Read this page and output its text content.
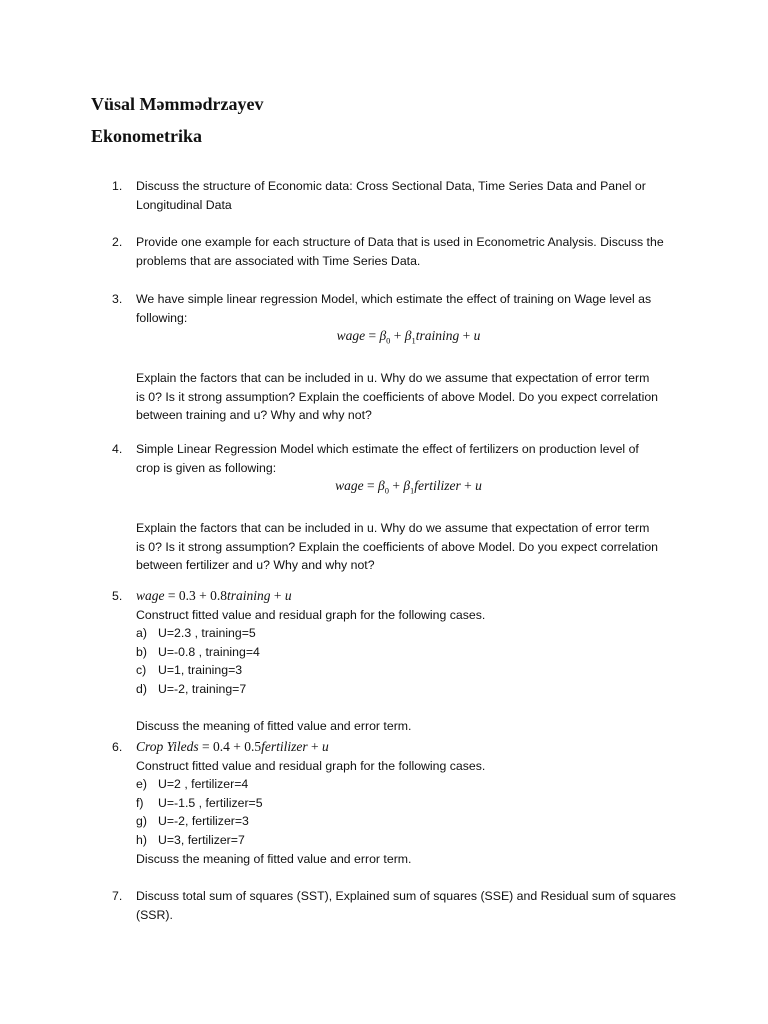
Vüsal Məmmədrzayev
Ekonometrika
1. Discuss the structure of Economic data: Cross Sectional Data, Time Series Data and Panel or
Longitudinal Data
2. Provide one example for each structure of Data that is used in Econometric Analysis. Discuss the
problems that are associated with Time Series Data.
3. We have simple linear regression Model, which estimate the effect of training on Wage level as
following:
wage = $\beta_0$ + $\beta_1training + u$
Explain the factors that can be included in u. Why do we assume that expectation of error term
is 0? Is it strong assumption? Explain the coefficients of above Model. Do you expect correlation
between training and u? Why and why not?
4. Simple Linear Regression Model which estimate the effect of fertilizers on production level of
crop is given as following:
wage = $\beta_0$ + $\beta_1fertilizer + u$
Explain the factors that can be included in u. Why do we assume that expectation of error term
is 0? Is it strong assumption? Explain the coefficients of above Model. Do you expect correlation
between fertilizer and u? Why and why not?
5. wage = 0.3 + 0.8training + u
Construct fitted value and residual graph for the following cases.
a) U=2.3 , training=5
b) U=-0.8 , training=4
c) U=1, training=3
d) U=-2, training=7
Discuss the meaning of fitted value and error term.
6. Crop Yileds = 0.4 + 0.5fertilizer + u
Construct fitted value and residual graph for the following cases.
e) U=2 , fertilizer=4
f) U=-1.5 , fertilizer=5
g) U=-2, fertilizer=3
h) U=3, fertilizer=7
Discuss the meaning of fitted value and error term.
7. Discuss total sum of squares (SST), Explained sum of squares (SSE) and Residual sum of squares
(SSR).
